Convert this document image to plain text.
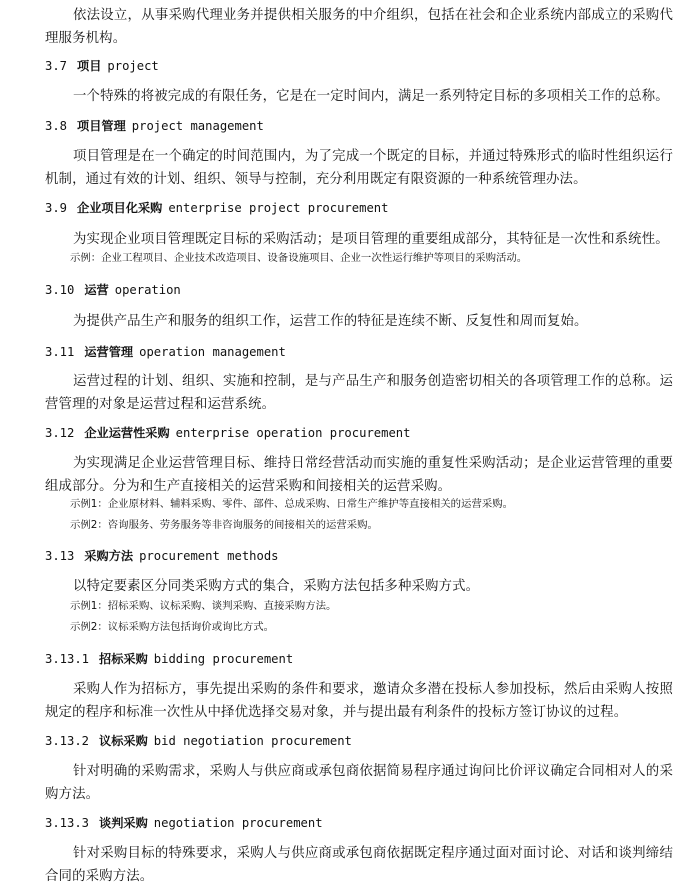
依法设立，从事采购代理业务并提供相关服务的中介组织，包括在社会和企业系统内部成立的采购代理服务机构。

3.7 项目 project

一个特殊的将被完成的有限任务，它是在一定时间内，满足一系列特定目标的多项相关工作的总称。

3.8 项目管理 project management

项目管理是在一个确定的时间范围内，为了完成一个既定的目标，并通过特殊形式的临时性组织运行机制，通过有效的计划、组织、领导与控制，充分利用既定有限资源的一种系统管理办法。

3.9 企业项目化采购 enterprise project procurement

为实现企业项目管理既定目标的采购活动；是项目管理的重要组成部分，其特征是一次性和系统性。

示例：企业工程项目、企业技术改造项目、设备设施项目、企业一次性运行维护等项目的采购活动。

3.10 运营 operation

为提供产品生产和服务的组织工作，运营工作的特征是连续不断、反复性和周而复始。

3.11 运营管理 operation management

运营过程的计划、组织、实施和控制，是与产品生产和服务创造密切相关的各项管理工作的总称。运营管理的对象是运营过程和运营系统。

3.12 企业运营性采购 enterprise operation procurement

为实现满足企业运营管理目标、维持日常经营活动而实施的重复性采购活动；是企业运营管理的重要组成部分。分为和生产直接相关的运营采购和间接相关的运营采购。

示例1：企业原材料、辅料采购、零件、部件、总成采购、日常生产维护等直接相关的运营采购。

示例2：咨询服务、劳务服务等非咨询服务的间接相关的运营采购。

3.13 采购方法 procurement methods

以特定要素区分同类采购方式的集合，采购方法包括多种采购方式。

示例1：招标采购、议标采购、谈判采购、直接采购方法。

示例2：议标采购方法包括询价或询比方式。

3.13.1 招标采购 bidding procurement

采购人作为招标方，事先提出采购的条件和要求，邀请众多潜在投标人参加投标，然后由采购人按照规定的程序和标准一次性从中择优选择交易对象，并与提出最有利条件的投标方签订协议的过程。

3.13.2 议标采购 bid negotiation procurement

针对明确的采购需求，采购人与供应商或承包商依据简易程序通过询问比价评议确定合同相对人的采购方法。

3.13.3 谈判采购 negotiation procurement

针对采购目标的特殊要求，采购人与供应商或承包商依据既定程序通过面对面讨论、对话和谈判缔结合同的采购方法。
